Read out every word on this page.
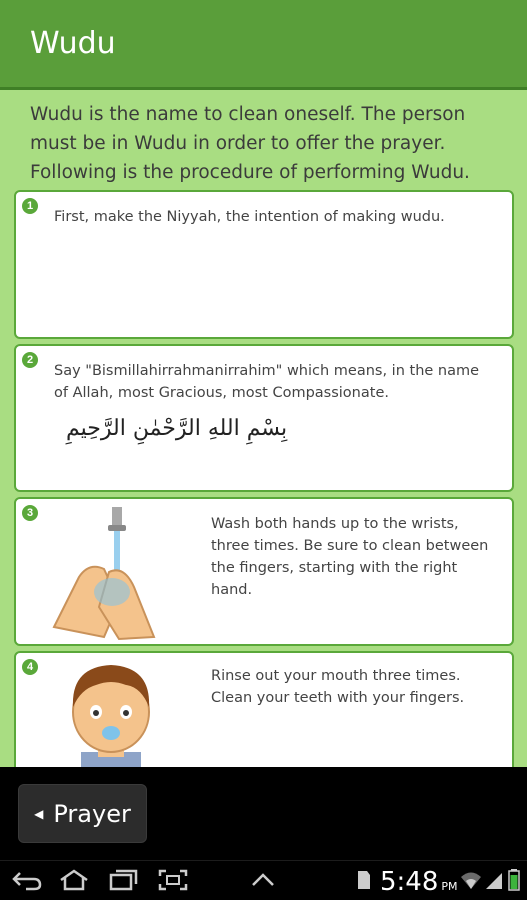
Wudu
Wudu is the name to clean oneself. The person must be in Wudu in order to offer the prayer. Following is the procedure of performing Wudu.
1
First, make the Niyyah, the intention of making wudu.
2
Say "Bismillahirrahmanirrahim" which means, in the name of Allah, most Gracious, most Compassionate.
بِسْمِ اللهِ الرَّحْمٰنِ الرَّحِيمِ
3
Wash both hands up to the wrists, three times. Be sure to clean between the fingers, starting with the right hand.
4
Rinse out your mouth three times. Clean your teeth with your fingers.
◀ Prayer
5:48 PM
